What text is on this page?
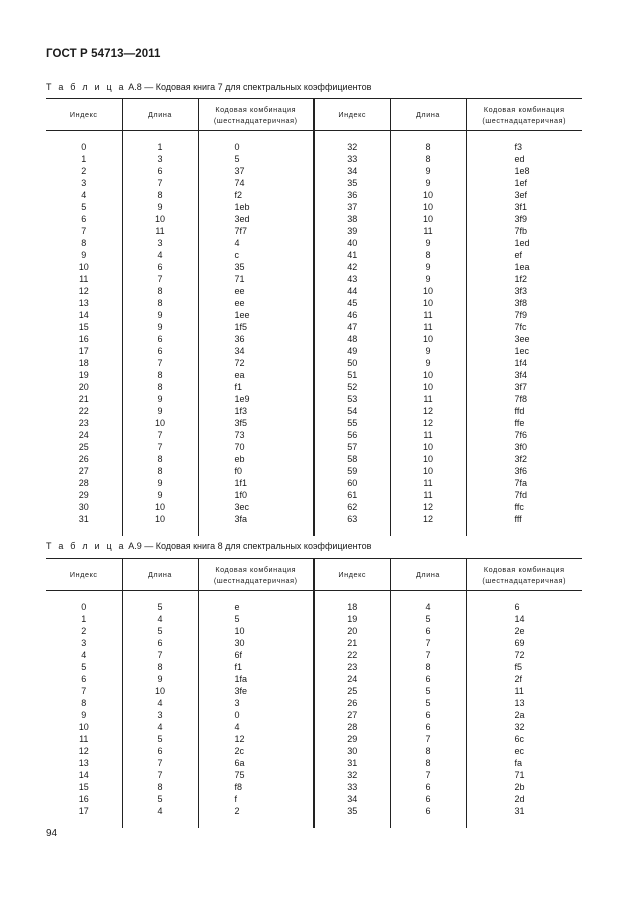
ГОСТ Р 54713—2011
Т а б л и ц а А.8 — Кодовая книга 7 для спектральных коэффициентов
Индекс	Длина	Кодовая комбинация (шестнадцатеричная)	Индекс	Длина	Кодовая комбинация (шестнадцатеричная)

0	1	0	32	8	f3
1	3	5	33	8	ed
2	6	37	34	9	1e8
3	7	74	35	9	1ef
4	8	f2	36	10	3ef
5	9	1eb	37	10	3f1
6	10	3ed	38	10	3f9
7	11	7f7	39	11	7fb
8	3	4	40	9	1ed
9	4	c	41	8	ef
10	6	35	42	9	1ea
11	7	71	43	9	1f2
12	8	ee	44	10	3f3
13	8	ee	45	10	3f8
14	9	1ee	46	11	7f9
15	9	1f5	47	11	7fc
16	6	36	48	10	3ee
17	6	34	49	9	1ec
18	7	72	50	9	1f4
19	8	ea	51	10	3f4
20	8	f1	52	10	3f7
21	9	1e9	53	11	7f8
22	9	1f3	54	12	ffd
23	10	3f5	55	12	ffe
24	7	73	56	11	7f6
25	7	70	57	10	3f0
26	8	eb	58	10	3f2
27	8	f0	59	10	3f6
28	9	1f1	60	11	7fa
29	9	1f0	61	11	7fd
30	10	3ec	62	12	ffc
31	10	3fa	63	12	fff

Т а б л и ц а А.9 — Кодовая книга 8 для спектральных коэффициентов
Индекс	Длина	Кодовая комбинация (шестнадцатеричная)	Индекс	Длина	Кодовая комбинация (шестнадцатеричная)

0	5	e	18	4	6
1	4	5	19	5	14
2	5	10	20	6	2e
3	6	30	21	7	69
4	7	6f	22	7	72
5	8	f1	23	8	f5
6	9	1fa	24	6	2f
7	10	3fe	25	5	11
8	4	3	26	5	13
9	3	0	27	6	2a
10	4	4	28	6	32
11	5	12	29	7	6c
12	6	2c	30	8	ec
13	7	6a	31	8	fa
14	7	75	32	7	71
15	8	f8	33	6	2b
16	5	f	34	6	2d
17	4	2	35	6	31

94
